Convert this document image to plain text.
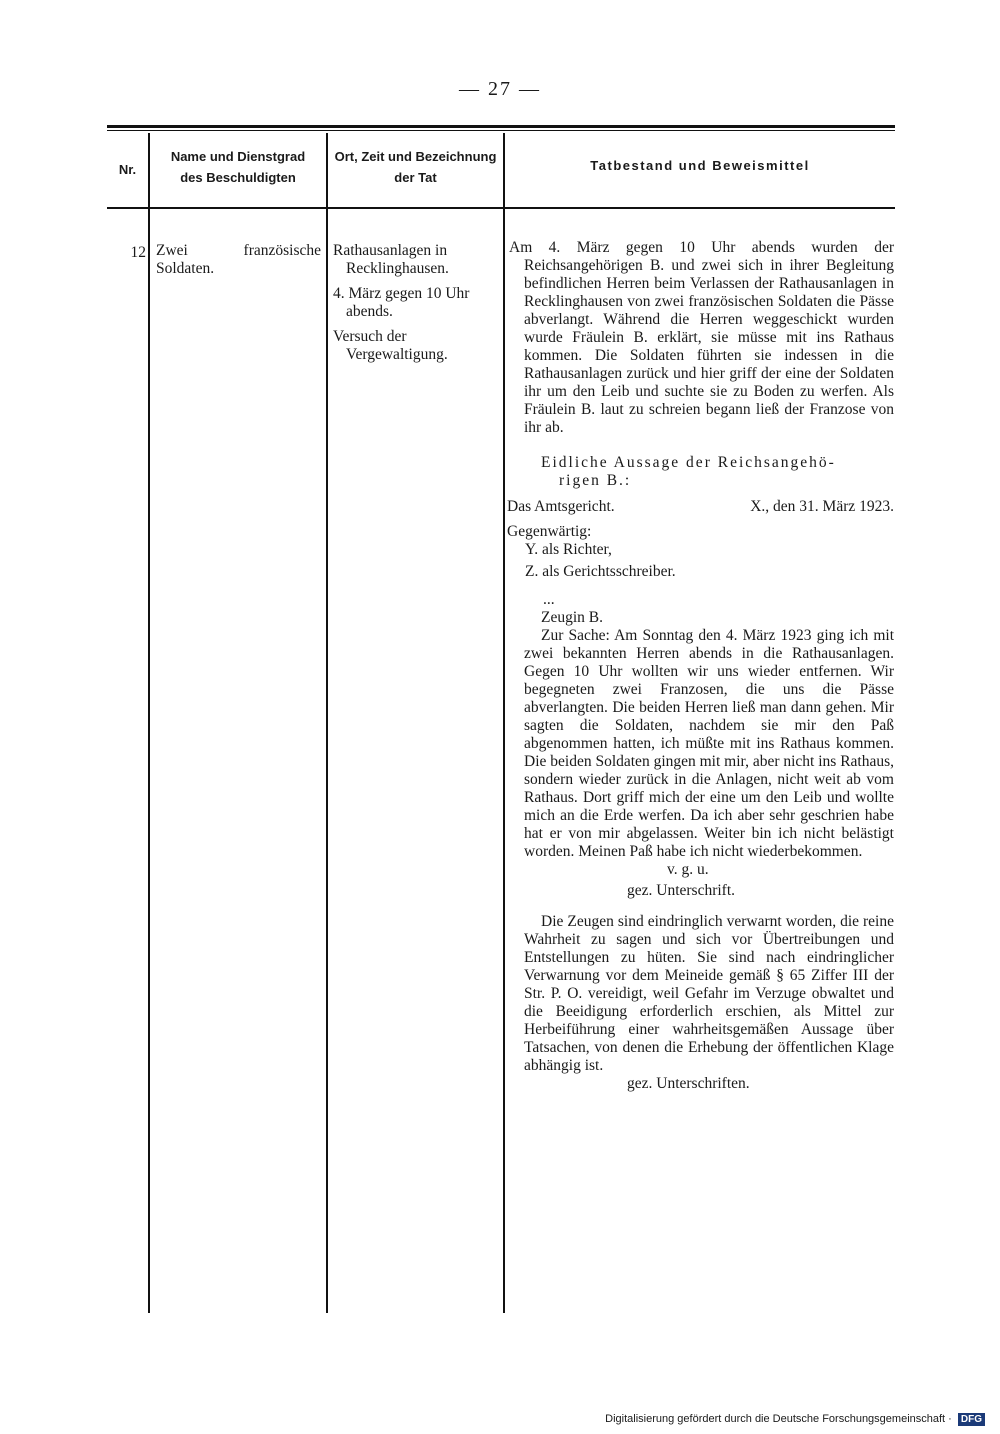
— 27 —
Nr.
Name und Dienstgrad
des Beschuldigten
Ort, Zeit und Bezeichnung
der Tat
Tatbestand und Beweismittel
12 Zwei französische Soldaten.

Rathausanlagen in Recklinghausen.

4. März gegen 10 Uhr abends.

Versuch der Vergewaltigung.

Am 4. März gegen 10 Uhr abends wurden der Reichsangehörigen B. und zwei sich in ihrer Begleitung befindlichen Herren beim Verlassen der Rathausanlagen in Recklinghausen von zwei französischen Soldaten die Pässe abverlangt. Während die Herren weggeschickt wurden wurde Fräulein B. erklärt, sie müsse mit ins Rathaus kommen. Die Soldaten führten sie indessen in die Rathausanlagen zurück und hier griff der eine der Soldaten ihr um den Leib und suchte sie zu Boden zu werfen. Als Fräulein B. laut zu schreien begann ließ der Franzose von ihr ab.

Eidliche Aussage der Reichsangehö-
rigen B.:
Das Amtsgericht.	X., den 31. März 1923.
Gegenwärtig:
Y. als Richter,
Z. als Gerichtsschreiber.
...
Zeugin B.

Zur Sache: Am Sonntag den 4. März 1923 ging ich mit zwei bekannten Herren abends in die Rathausanlagen. Gegen 10 Uhr wollten wir uns wieder entfernen. Wir begegneten zwei Franzosen, die uns die Pässe abverlangten. Die beiden Herren ließ man dann gehen. Mir sagten die Soldaten, nachdem sie mir den Paß abgenommen hatten, ich müßte mit ins Rathaus kommen. Die beiden Soldaten gingen mit mir, aber nicht ins Rathaus, sondern wieder zurück in die Anlagen, nicht weit ab vom Rathaus. Dort griff mich der eine um den Leib und wollte mich an die Erde werfen. Da ich aber sehr geschrien habe hat er von mir abgelassen. Weiter bin ich nicht belästigt worden. Meinen Paß habe ich nicht wiederbekommen.

v. g. u.
gez. Unterschrift.

Die Zeugen sind eindringlich verwarnt worden, die reine Wahrheit zu sagen und sich vor Übertreibungen und Entstellungen zu hüten. Sie sind nach eindringlicher Verwarnung vor dem Meineide gemäß § 65 Ziffer III der Str. P. O. vereidigt, weil Gefahr im Verzuge obwaltet und die Beeidigung erforderlich erschien, als Mittel zur Herbeiführung einer wahrheitsgemäßen Aussage über Tatsachen, von denen die Erhebung der öffentlichen Klage abhängig ist.

gez. Unterschriften.
Digitalisierung gefördert durch die Deutsche Forschungsgemeinschaft · DFG
